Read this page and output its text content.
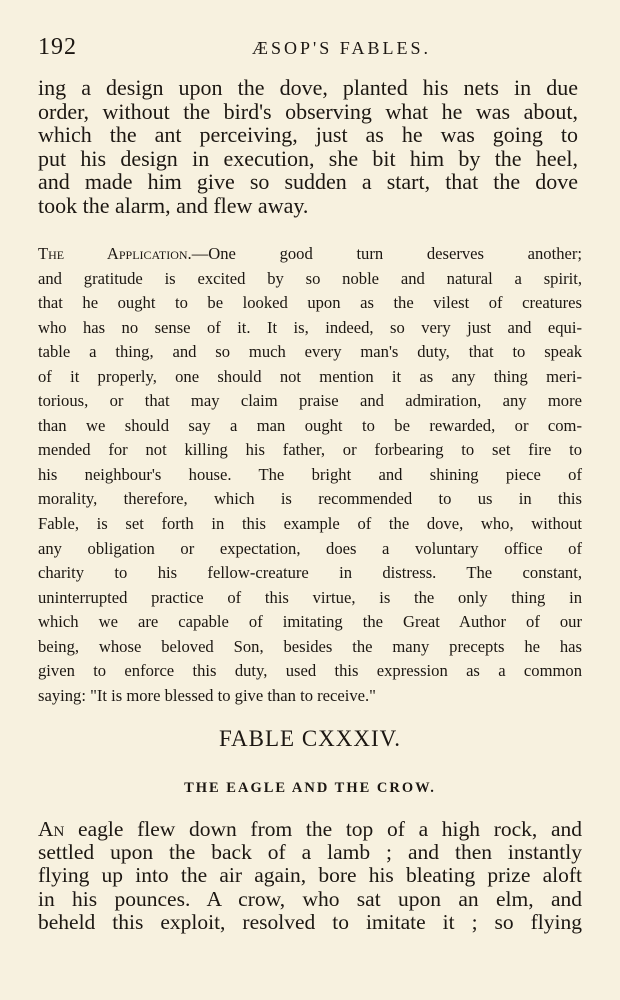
192	ÆSOP'S FABLES.
ing a design upon the dove, planted his nets in due
order, without the bird's observing what he was about,
which the ant perceiving, just as he was going to
put his design in execution, she bit him by the heel,
and made him give so sudden a start, that the dove
took the alarm, and flew away.
The Application.—One good turn deserves another;
and gratitude is excited by so noble and natural a spirit,
that he ought to be looked upon as the vilest of creatures
who has no sense of it. It is, indeed, so very just and equi-
table a thing, and so much every man's duty, that to speak
of it properly, one should not mention it as any thing meri-
torious, or that may claim praise and admiration, any more
than we should say a man ought to be rewarded, or com-
mended for not killing his father, or forbearing to set fire to
his neighbour's house. The bright and shining piece of
morality, therefore, which is recommended to us in this
Fable, is set forth in this example of the dove, who, without
any obligation or expectation, does a voluntary office of
charity to his fellow-creature in distress. The constant,
uninterrupted practice of this virtue, is the only thing in
which we are capable of imitating the Great Author of our
being, whose beloved Son, besides the many precepts he has
given to enforce this duty, used this expression as a common
saying: "It is more blessed to give than to receive."
FABLE CXXXIV.
THE EAGLE AND THE CROW.
An eagle flew down from the top of a high rock, and
settled upon the back of a lamb ; and then instantly
flying up into the air again, bore his bleating prize aloft
in his pounces. A crow, who sat upon an elm, and
beheld this exploit, resolved to imitate it ; so flying
